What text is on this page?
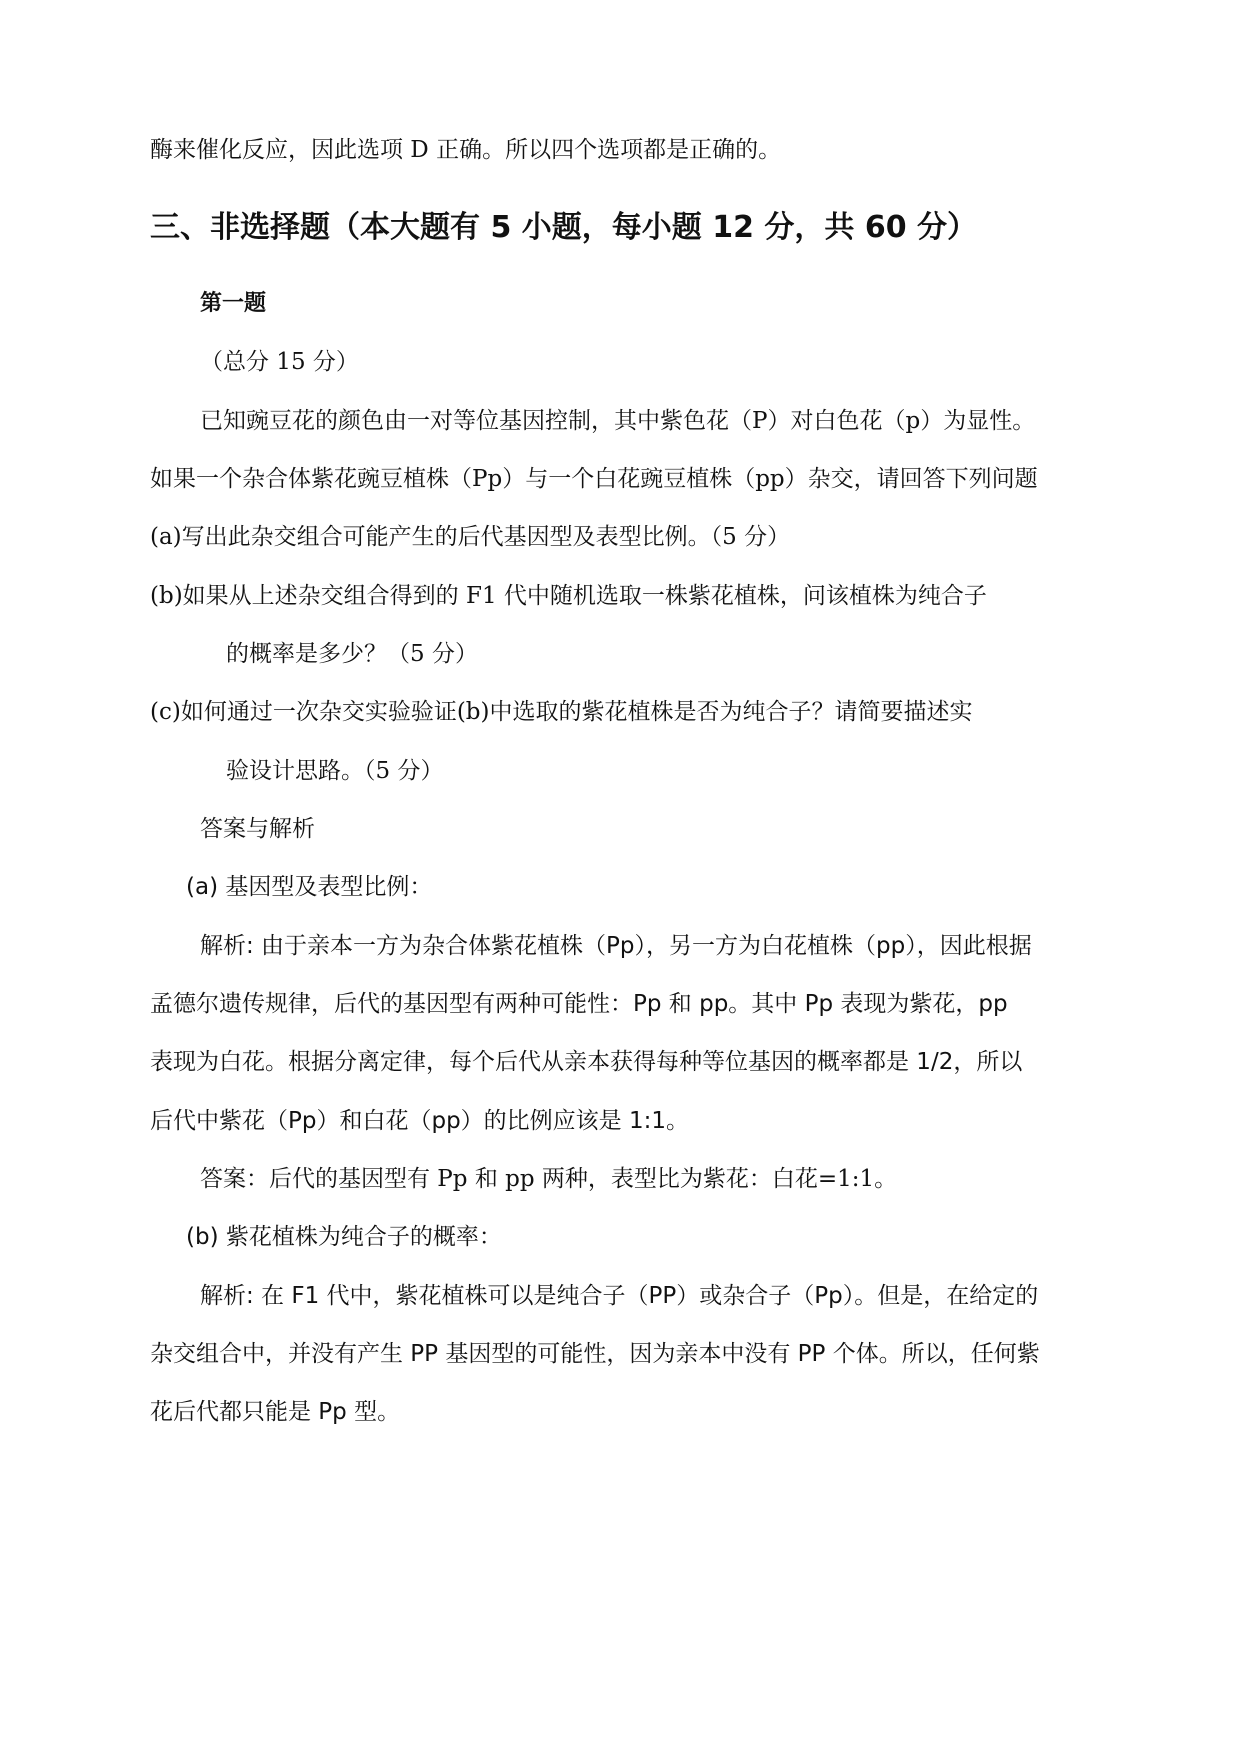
酶来催化反应，因此选项 D 正确。所以四个选项都是正确的。
三、非选择题（本大题有 5 小题，每小题 12 分，共 60 分）
第一题
（总分 15 分）
已知豌豆花的颜色由一对等位基因控制，其中紫色花（P）对白色花（p）为显性。
如果一个杂合体紫花豌豆植株（Pp）与一个白花豌豆植株（pp）杂交，请回答下列问题
(a)写出此杂交组合可能产生的后代基因型及表型比例。（5 分）
(b)如果从上述杂交组合得到的 F1 代中随机选取一株紫花植株，问该植株为纯合子
的概率是多少？（5 分）
(c)如何通过一次杂交实验验证(b)中选取的紫花植株是否为纯合子？请简要描述实
验设计思路。（5 分）
答案与解析
(a) 基因型及表型比例：
解析: 由于亲本一方为杂合体紫花植株（Pp），另一方为白花植株（pp），因此根据
孟德尔遗传规律，后代的基因型有两种可能性：Pp 和 pp。其中 Pp 表现为紫花，pp
表现为白花。根据分离定律，每个后代从亲本获得每种等位基因的概率都是 1/2，所以
后代中紫花（Pp）和白花（pp）的比例应该是 1:1。
答案：后代的基因型有 Pp 和 pp 两种，表型比为紫花：白花=1:1。
(b) 紫花植株为纯合子的概率：
解析: 在 F1 代中，紫花植株可以是纯合子（PP）或杂合子（Pp）。但是，在给定的
杂交组合中，并没有产生 PP 基因型的可能性，因为亲本中没有 PP 个体。所以，任何紫
花后代都只能是 Pp 型。
